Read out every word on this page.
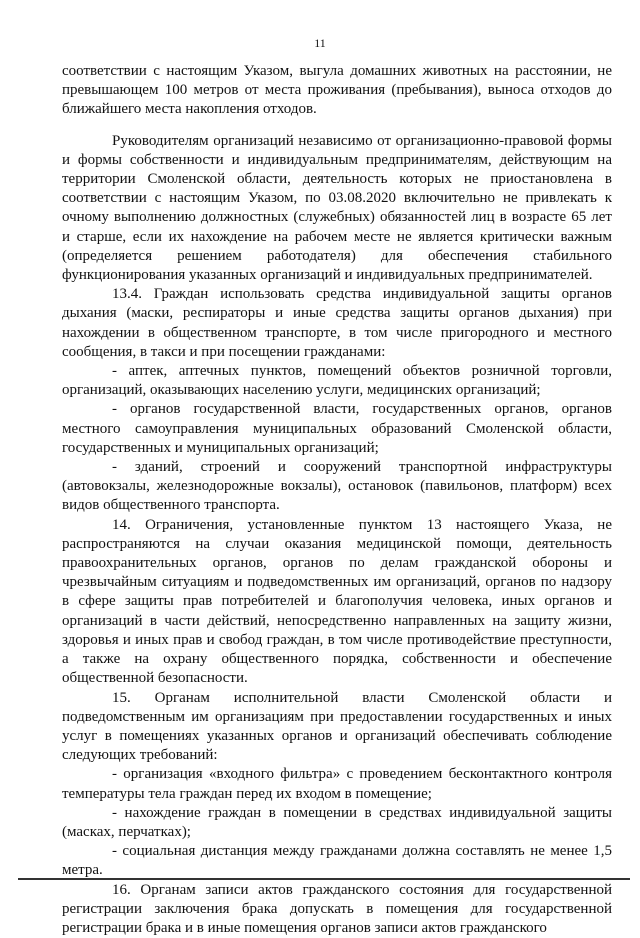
11

соответствии с настоящим Указом, выгула домашних животных на расстоянии, не превышающем 100 метров от места проживания (пребывания), выноса отходов до ближайшего места накопления отходов.

Руководителям организаций независимо от организационно-правовой формы и формы собственности и индивидуальным предпринимателям, действующим на территории Смоленской области, деятельность которых не приостановлена в соответствии с настоящим Указом, по 03.08.2020 включительно не привлекать к очному выполнению должностных (служебных) обязанностей лиц в возрасте 65 лет и старше, если их нахождение на рабочем месте не является критически важным (определяется решением работодателя) для обеспечения стабильного функционирования указанных организаций и индивидуальных предпринимателей.

13.4. Граждан использовать средства индивидуальной защиты органов дыхания (маски, респираторы и иные средства защиты органов дыхания) при нахождении в общественном транспорте, в том числе пригородного и местного сообщения, в такси и при посещении гражданами:

- аптек, аптечных пунктов, помещений объектов розничной торговли, организаций, оказывающих населению услуги, медицинских организаций;

- органов государственной власти, государственных органов, органов местного самоуправления муниципальных образований Смоленской области, государственных и муниципальных организаций;

- зданий, строений и сооружений транспортной инфраструктуры (автовокзалы, железнодорожные вокзалы), остановок (павильонов, платформ) всех видов общественного транспорта.

14. Ограничения, установленные пунктом 13 настоящего Указа, не распространяются на случаи оказания медицинской помощи, деятельность правоохранительных органов, органов по делам гражданской обороны и чрезвычайным ситуациям и подведомственных им организаций, органов по надзору в сфере защиты прав потребителей и благополучия человека, иных органов и организаций в части действий, непосредственно направленных на защиту жизни, здоровья и иных прав и свобод граждан, в том числе противодействие преступности, а также на охрану общественного порядка, собственности и обеспечение общественной безопасности.

15. Органам исполнительной власти Смоленской области и подведомственным им организациям при предоставлении государственных и иных услуг в помещениях указанных органов и организаций обеспечивать соблюдение следующих требований:

- организация «входного фильтра» с проведением бесконтактного контроля температуры тела граждан перед их входом в помещение;

- нахождение граждан в помещении в средствах индивидуальной защиты (масках, перчатках);

- социальная дистанция между гражданами должна составлять не менее 1,5 метра.

16. Органам записи актов гражданского состояния для государственной регистрации заключения брака допускать в помещения для государственной регистрации брака и в иные помещения органов записи актов гражданского
